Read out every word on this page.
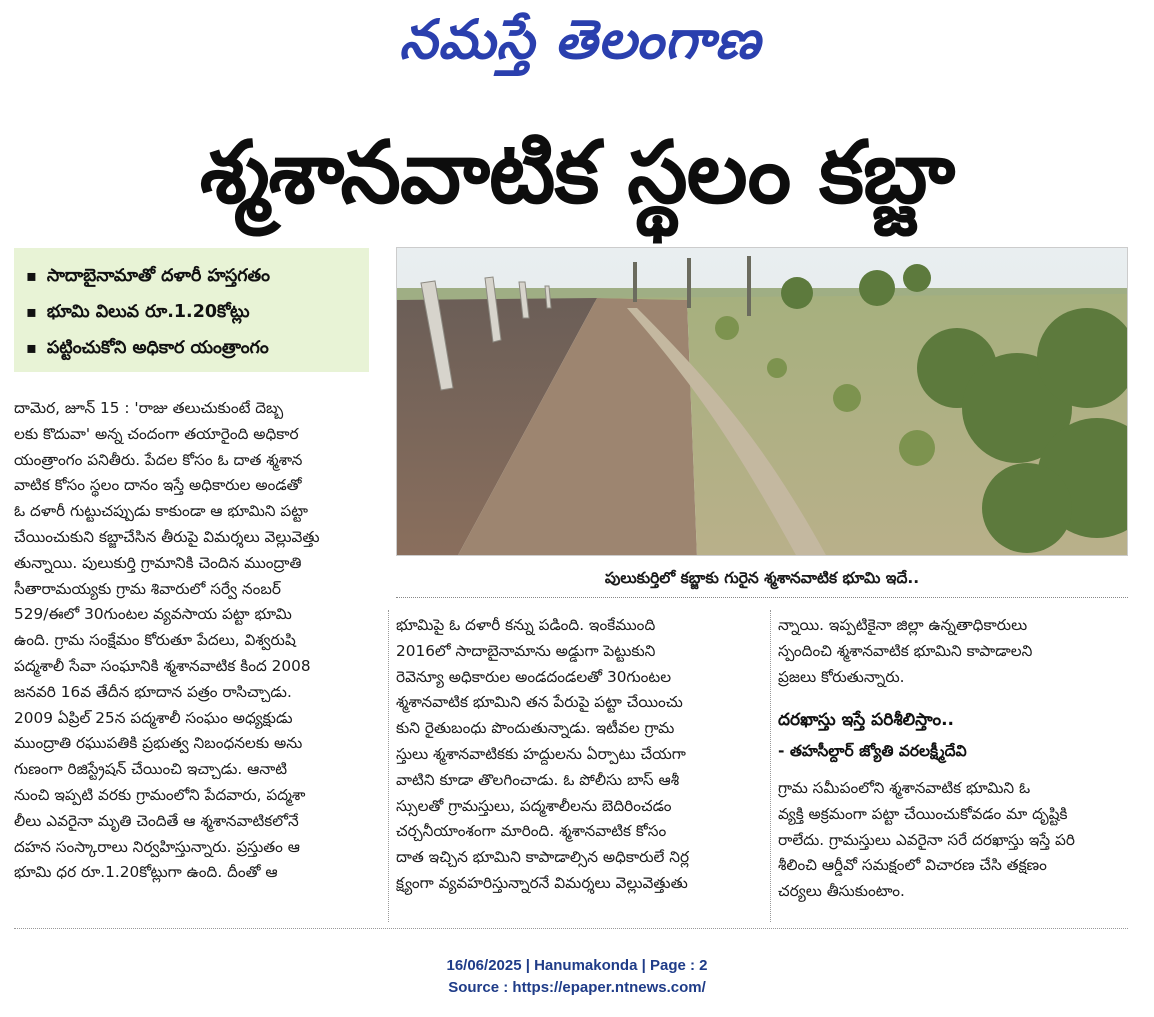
నమస్తే తెలంగాణ
శ్మశానవాటిక స్థలం కబ్జా
▪ సాదాబైనామాతో దళారీ హస్తగతం
▪ భూమి విలువ రూ.1.20కోట్లు
▪ పట్టించుకోని అధికార యంత్రాంగం
పులుకుర్తిలో కబ్జాకు గురైన శ్మశానవాటిక భూమి ఇదే..
దామెర, జూన్ 15 : 'రాజు తలుచుకుంటే దెబ్బ
లకు కొదువా' అన్న చందంగా తయారైంది అధికార
యంత్రాంగం పనితీరు. పేదల కోసం ఓ దాత శ్మశాన
వాటిక కోసం స్థలం దానం ఇస్తే అధికారుల అండతో
ఓ దళారీ గుట్టుచప్పుడు కాకుండా ఆ భూమిని పట్టా
చేయించుకుని కబ్జాచేసిన తీరుపై విమర్శలు వెల్లువెత్తు
తున్నాయి. పులుకుర్తి గ్రామానికి చెందిన ముంద్రాతి
సీతారామయ్యకు గ్రామ శివారులో సర్వే నంబర్
529/ఈలో 30గుంటల వ్యవసాయ పట్టా భూమి
ఉంది. గ్రామ సంక్షేమం కోరుతూ పేదలు, విశ్వరుషి
పద్మశాలీ సేవా సంఘానికి శ్మశానవాటిక కింద 2008
జనవరి 16వ తేదీన భూదాన పత్రం రాసిచ్చాడు.
2009 ఏప్రిల్ 25న పద్మశాలీ సంఘం అధ్యక్షుడు
ముంద్రాతి రఘుపతికి ప్రభుత్వ నిబంధనలకు అను
గుణంగా రిజిస్ట్రేషన్ చేయించి ఇచ్చాడు. ఆనాటి
నుంచి ఇప్పటి వరకు గ్రామంలోని పేదవారు, పద్మశా
లీలు ఎవరైనా మృతి చెందితే ఆ శ్మశానవాటికలోనే
దహన సంస్కారాలు నిర్వహిస్తున్నారు. ప్రస్తుతం ఆ
భూమి ధర రూ.1.20కోట్లుగా ఉంది. దీంతో ఆ
భూమిపై ఓ దళారీ కన్ను పడింది. ఇంకేముంది
2016లో సాదాబైనామాను అడ్డుగా పెట్టుకుని
రెవెన్యూ అధికారుల అండదండలతో 30గుంటల
శ్మశానవాటిక భూమిని తన పేరుపై పట్టా చేయించు
కుని రైతుబంధు పొందుతున్నాడు. ఇటీవల గ్రామ
స్తులు శ్మశానవాటికకు హద్దులను ఏర్పాటు చేయగా
వాటిని కూడా తొలగించాడు. ఓ పోలీసు బాస్ ఆశీ
స్సులతో గ్రామస్తులు, పద్మశాలీలను బెదిరించడం
చర్చనీయాంశంగా మారింది. శ్మశానవాటిక కోసం
దాత ఇచ్చిన భూమిని కాపాడాల్సిన అధికారులే నిర్ల
క్ష్యంగా వ్యవహరిస్తున్నారనే విమర్శలు వెల్లువెత్తుతు
న్నాయి. ఇప్పటికైనా జిల్లా ఉన్నతాధికారులు
స్పందించి శ్మశానవాటిక భూమిని కాపాడాలని
ప్రజలు కోరుతున్నారు.
దరఖాస్తు ఇస్తే పరిశీలిస్తాం..
- తహసీల్దార్ జ్యోతి వరలక్ష్మీదేవి
గ్రామ సమీపంలోని శ్మశానవాటిక భూమిని ఓ
వ్యక్తి అక్రమంగా పట్టా చేయించుకోవడం మా దృష్టికి
రాలేదు. గ్రామస్తులు ఎవరైనా సరే దరఖాస్తు ఇస్తే పరి
శీలించి ఆర్డీవో సమక్షంలో విచారణ చేసి తక్షణం
చర్యలు తీసుకుంటాం.
16/06/2025 | Hanumakonda | Page : 2
Source : https://epaper.ntnews.com/
